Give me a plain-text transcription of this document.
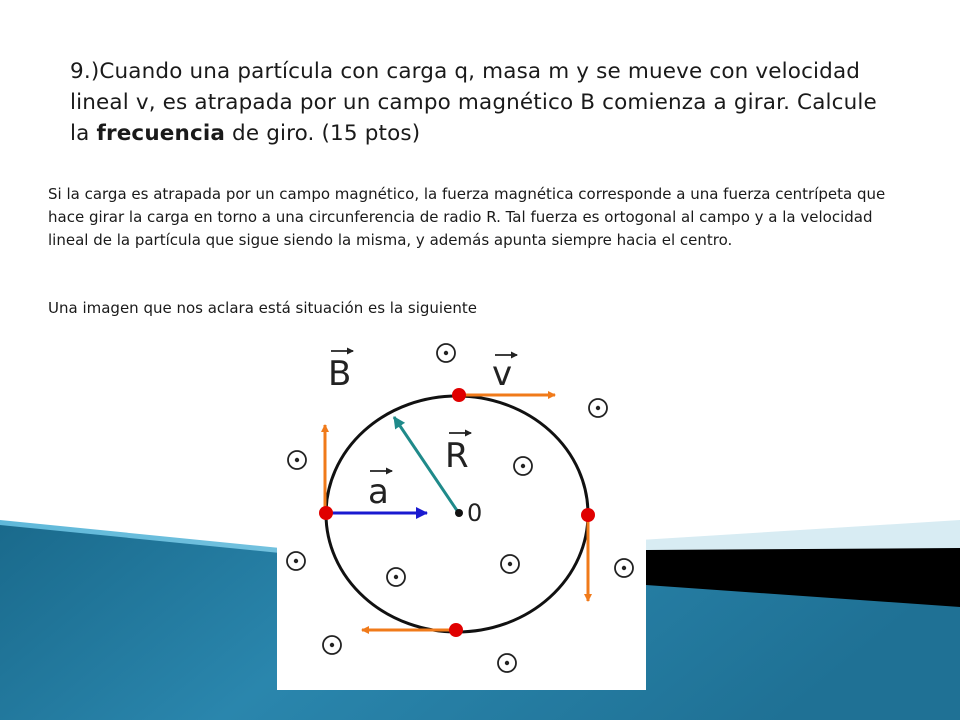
9.)Cuando una partícula con carga q, masa m y se mueve con velocidad lineal v, es atrapada por un campo magnético B comienza a girar. Calcule la frecuencia de giro. (15 ptos)

Si la carga es atrapada por un campo magnético, la fuerza magnética corresponde a una fuerza centrípeta que hace girar la carga en torno a una circunferencia de radio R. Tal fuerza es ortogonal al campo y a la velocidad lineal de la partícula que sigue siendo la misma, y además apunta siempre hacia el centro.

Una imagen que nos aclara está situación es la siguiente

B	v
R
a
0
